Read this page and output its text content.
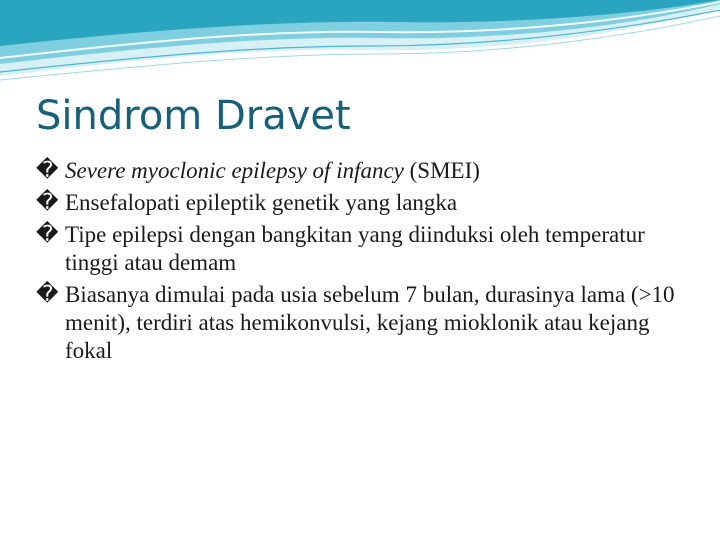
Sindrom Dravet
� Severe myoclonic epilepsy of infancy (SMEI)
� Ensefalopati epileptik genetik yang langka
� Tipe epilepsi dengan bangkitan yang diinduksi oleh temperatur tinggi atau demam
� Biasanya dimulai pada usia sebelum 7 bulan, durasinya lama (>10 menit), terdiri atas hemikonvulsi, kejang mioklonik atau kejang fokal
